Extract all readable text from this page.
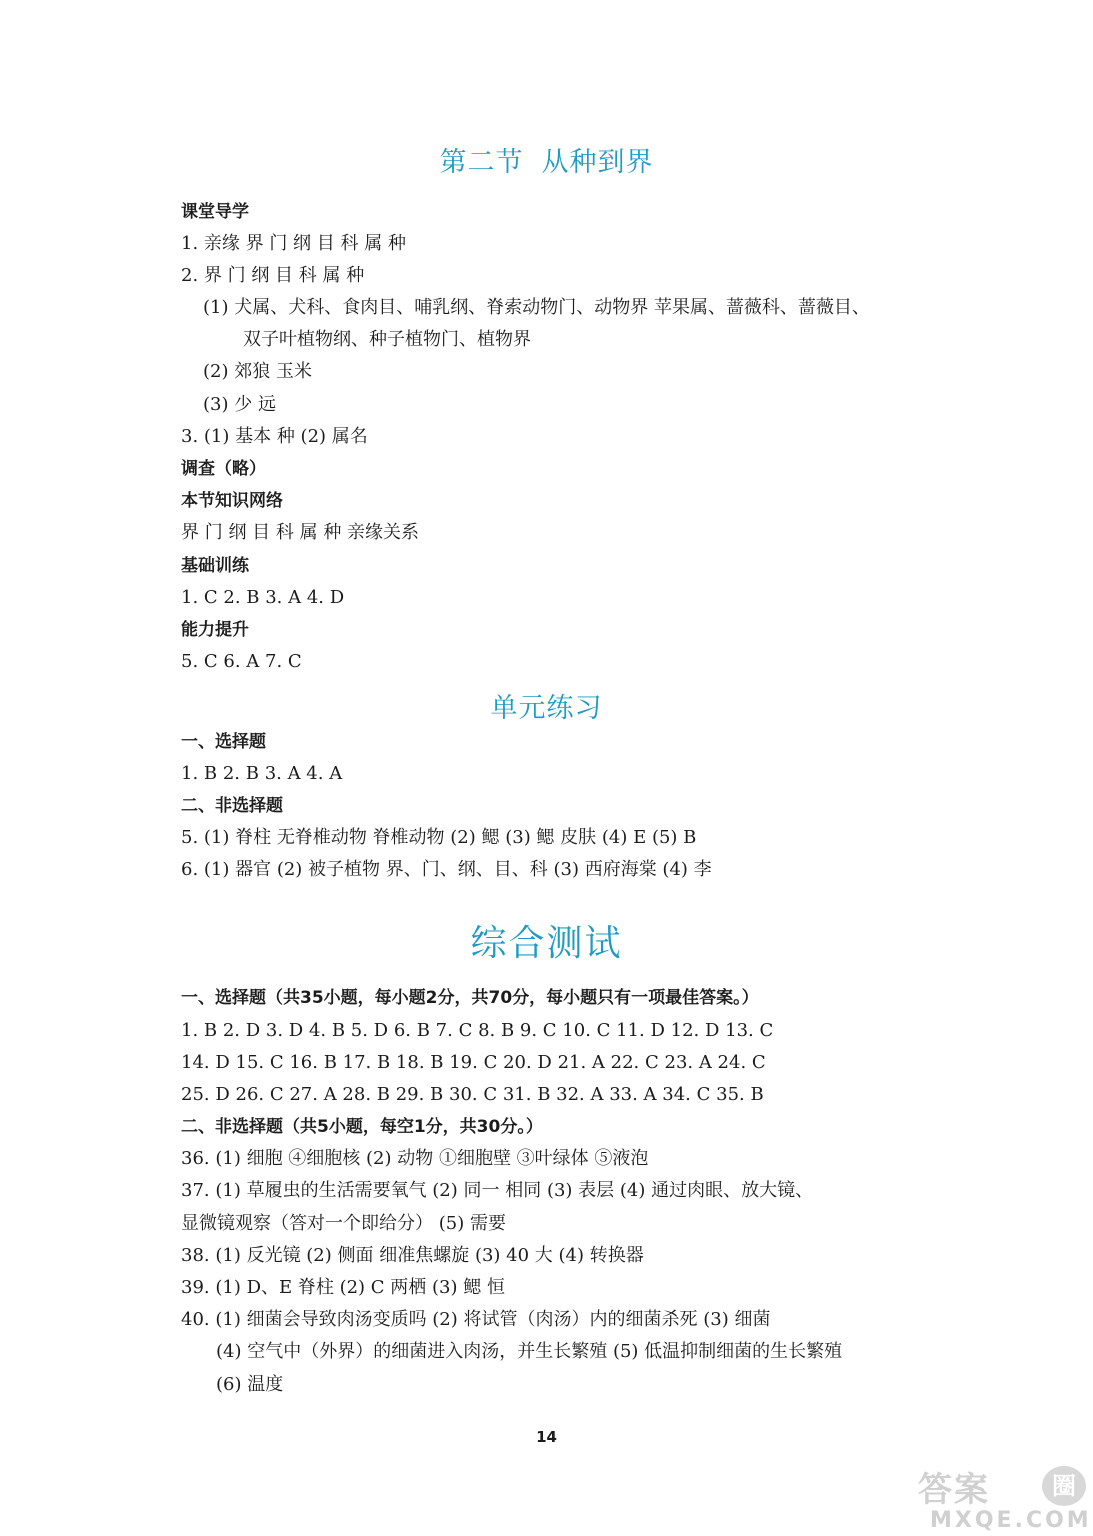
第二节 从种到界
课堂导学
1. 亲缘 界 门 纲 目 科 属 种
2. 界 门 纲 目 科 属 种
(1) 犬属、犬科、食肉目、哺乳纲、脊索动物门、动物界 苹果属、蔷薇科、蔷薇目、
双子叶植物纲、种子植物门、植物界
(2) 郊狼 玉米
(3) 少 远
3. (1) 基本 种 (2) 属名
调查（略）
本节知识网络
界 门 纲 目 科 属 种 亲缘关系
基础训练
1. C 2. B 3. A 4. D
能力提升
5. C 6. A 7. C
单元练习
一、选择题
1. B 2. B 3. A 4. A
二、非选择题
5. (1) 脊柱 无脊椎动物 脊椎动物 (2) 鳃 (3) 鳃 皮肤 (4) E (5) B
6. (1) 器官 (2) 被子植物 界、门、纲、目、科 (3) 西府海棠 (4) 李
综合测试
一、选择题（共35小题，每小题2分，共70分，每小题只有一项最佳答案。）
1. B 2. D 3. D 4. B 5. D 6. B 7. C 8. B 9. C 10. C 11. D 12. D 13. C
14. D 15. C 16. B 17. B 18. B 19. C 20. D 21. A 22. C 23. A 24. C
25. D 26. C 27. A 28. B 29. B 30. C 31. B 32. A 33. A 34. C 35. B
二、非选择题（共5小题，每空1分，共30分。）
36. (1) 细胞 ④细胞核 (2) 动物 ①细胞壁 ③叶绿体 ⑤液泡
37. (1) 草履虫的生活需要氧气 (2) 同一 相同 (3) 表层 (4) 通过肉眼、放大镜、
显微镜观察（答对一个即给分） (5) 需要
38. (1) 反光镜 (2) 侧面 细准焦螺旋 (3) 40 大 (4) 转换器
39. (1) D、E 脊柱 (2) C 两栖 (3) 鳃 恒
40. (1) 细菌会导致肉汤变质吗 (2) 将试管（肉汤）内的细菌杀死 (3) 细菌
(4) 空气中（外界）的细菌进入肉汤，并生长繁殖 (5) 低温抑制细菌的生长繁殖
(6) 温度
14
答案	圈
MXQE.COM
